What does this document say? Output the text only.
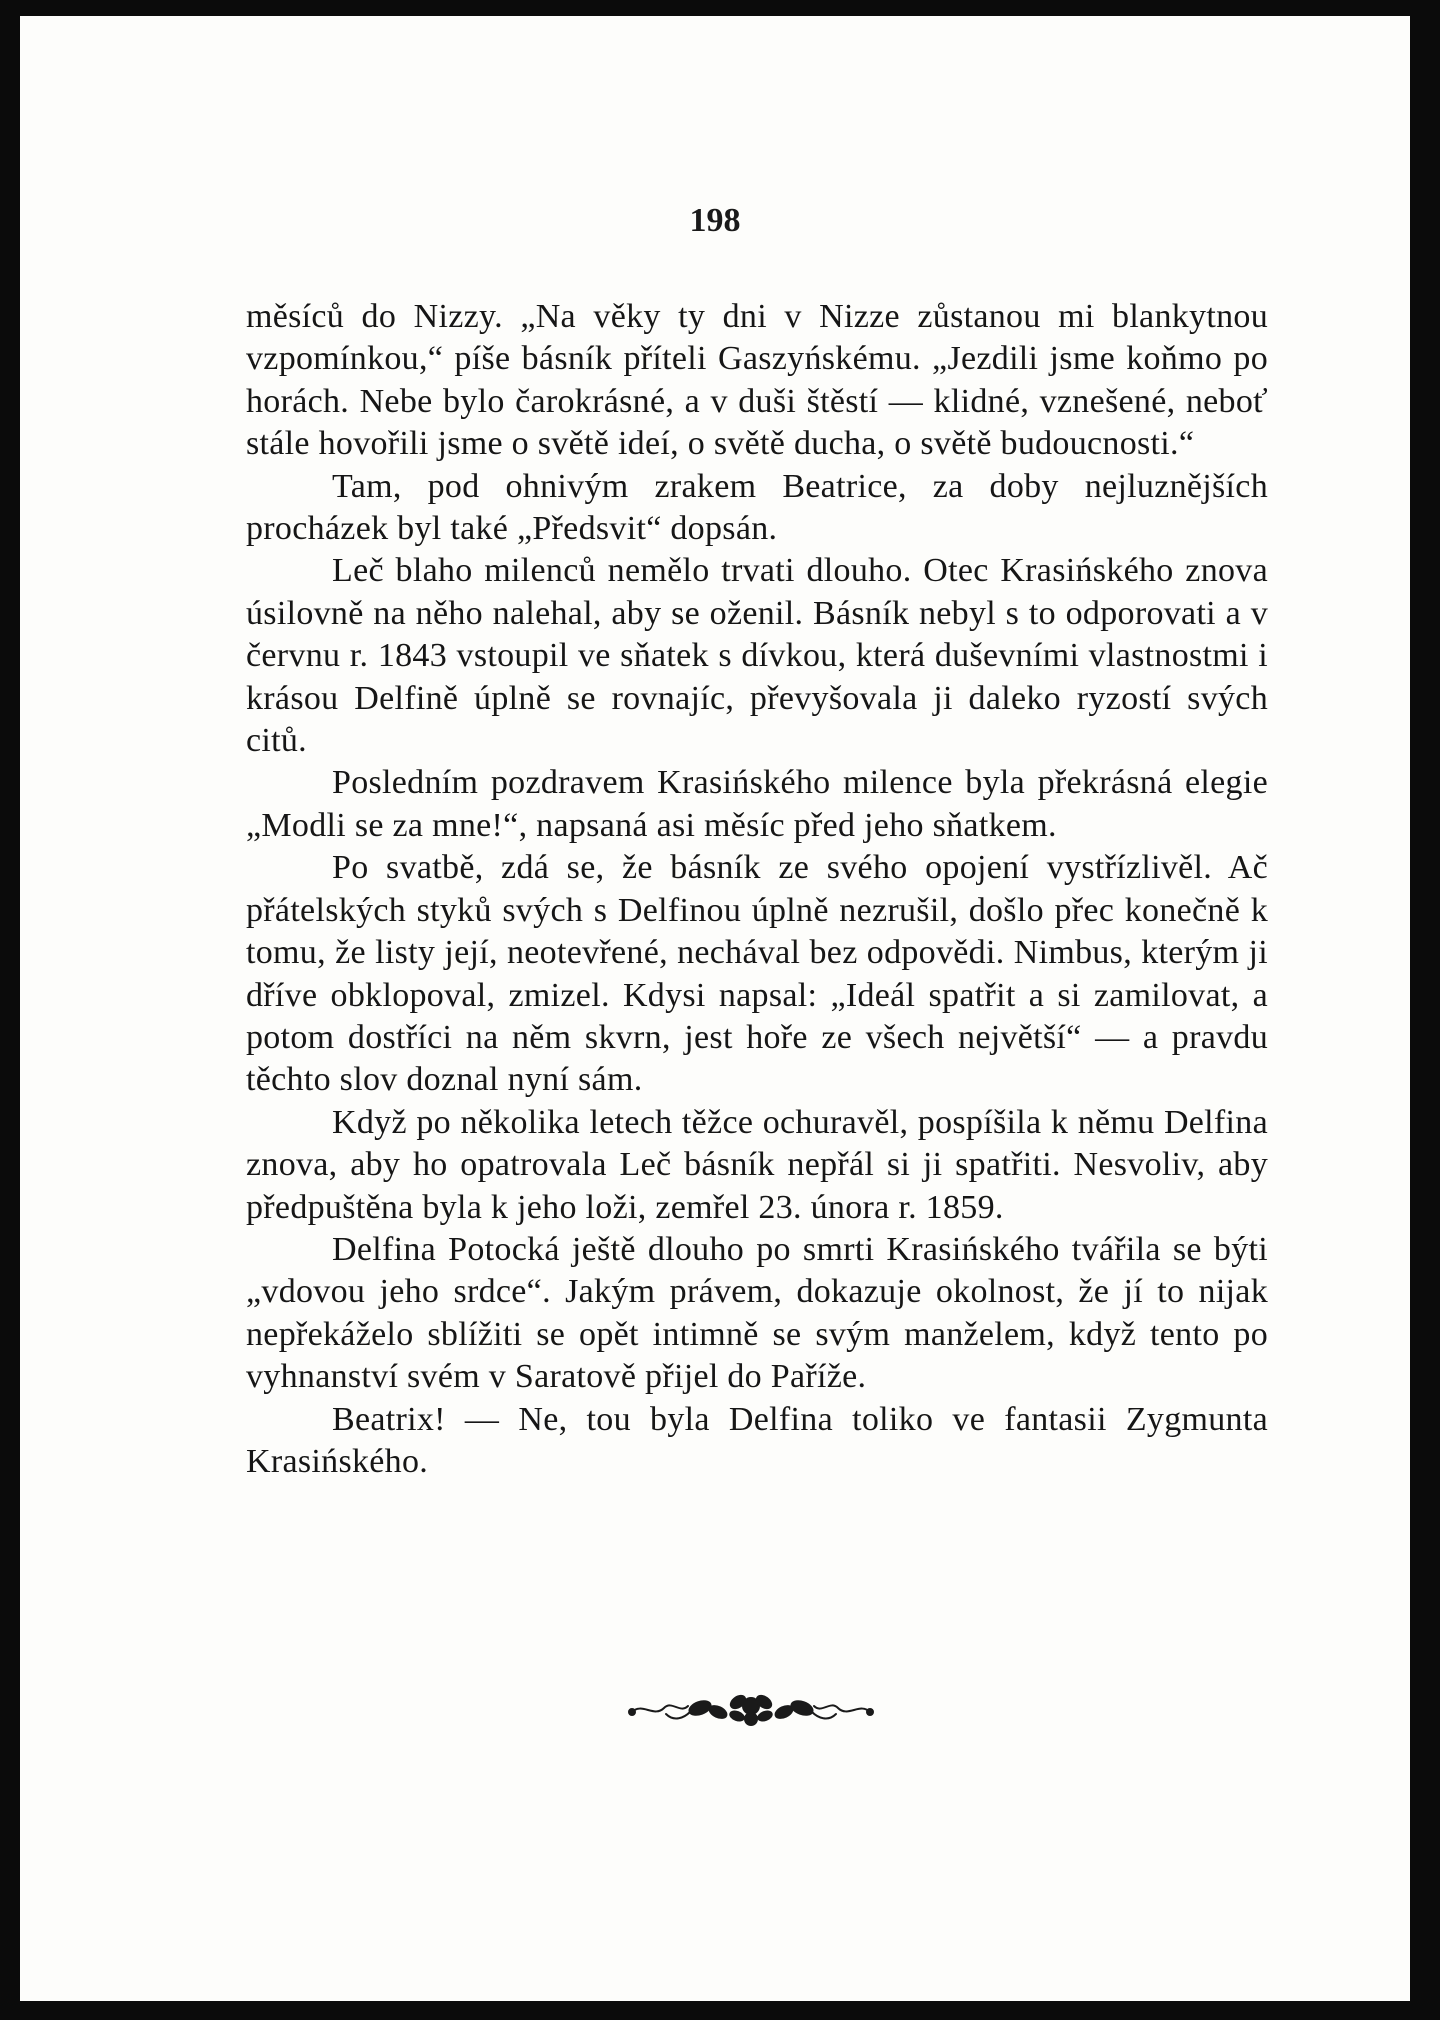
198

měsíců do Nizzy. „Na věky ty dni v Nizze zůstanou mi blankytnou vzpomínkou,“ píše básník příteli Gaszyńskému. „Jezdili jsme koňmo po horách. Nebe bylo čarokrásné, a v duši štěstí — klidné, vznešené, neboť stále hovořili jsme o světě ideí, o světě ducha, o světě budoucnosti.“

Tam, pod ohnivým zrakem Beatrice, za doby nejluznějších procházek byl také „Předsvit“ dopsán.

Leč blaho milenců nemělo trvati dlouho. Otec Krasińského znova úsilovně na něho nalehal, aby se oženil. Básník nebyl s to odporovati a v červnu r. 1843 vstoupil ve sňatek s dívkou, která duševními vlastnostmi i krásou Delfině úplně se rovnajíc, převyšovala ji daleko ryzostí svých citů.

Posledním pozdravem Krasińského milence byla překrásná elegie „Modli se za mne!“, napsaná asi měsíc před jeho sňatkem.

Po svatbě, zdá se, že básník ze svého opojení vystřízlivěl. Ač přátelských styků svých s Delfinou úplně nezrušil, došlo přec konečně k tomu, že listy její, neotevřené, nechával bez odpovědi. Nimbus, kterým ji dříve obklopoval, zmizel. Kdysi napsal: „Ideál spatřit a si zamilovat, a potom dostříci na něm skvrn, jest hoře ze všech největší“ — a pravdu těchto slov doznal nyní sám.

Když po několika letech těžce ochuravěl, pospíšila k němu Delfina znova, aby ho opatrovala Leč básník nepřál si ji spatřiti. Nesvoliv, aby předpuštěna byla k jeho loži, zemřel 23. února r. 1859.

Delfina Potocká ještě dlouho po smrti Krasińského tvářila se býti „vdovou jeho srdce“. Jakým právem, dokazuje okolnost, že jí to nijak nepřekáželo sblížiti se opět intimně se svým manželem, když tento po vyhnanství svém v Saratově přijel do Paříže.

Beatrix! — Ne, tou byla Delfina toliko ve fantasii Zygmunta Krasińského.
